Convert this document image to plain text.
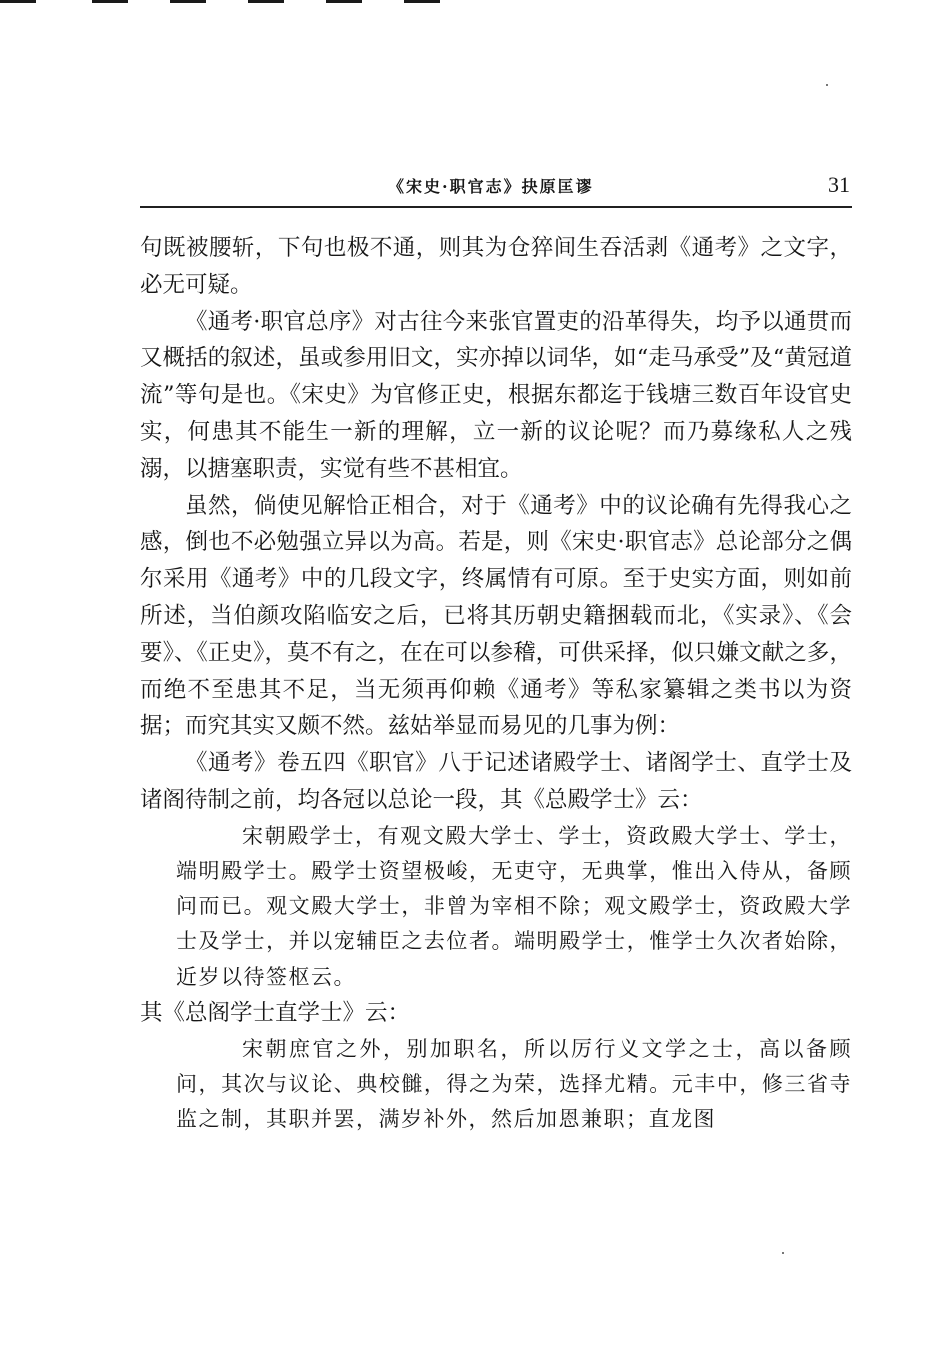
《宋史·职官志》抉原匡谬	31

句既被腰斩，下句也极不通，则其为仓猝间生吞活剥《通考》之文字，必无可疑。

《通考·职官总序》对古往今来张官置吏的沿革得失，均予以通贯而又概括的叙述，虽或参用旧文，实亦掉以词华，如“走马承受”及“黄冠道流”等句是也。《宋史》为官修正史，根据东都迄于钱塘三数百年设官史实，何患其不能生一新的理解，立一新的议论呢？而乃募缘私人之残溺，以搪塞职责，实觉有些不甚相宜。

虽然，倘使见解恰正相合，对于《通考》中的议论确有先得我心之感，倒也不必勉强立异以为高。若是，则《宋史·职官志》总论部分之偶尔采用《通考》中的几段文字，终属情有可原。至于史实方面，则如前所述，当伯颜攻陷临安之后，已将其历朝史籍捆载而北，《实录》、《会要》、《正史》，莫不有之，在在可以参稽，可供采择，似只嫌文献之多，而绝不至患其不足，当无须再仰赖《通考》等私家纂辑之类书以为资据；而究其实又颇不然。兹姑举显而易见的几事为例：

《通考》卷五四《职官》八于记述诸殿学士、诸阁学士、直学士及诸阁待制之前，均各冠以总论一段，其《总殿学士》云：

宋朝殿学士，有观文殿大学士、学士，资政殿大学士、学士，端明殿学士。殿学士资望极峻，无吏守，无典掌，惟出入侍从，备顾问而已。观文殿大学士，非曾为宰相不除；观文殿学士，资政殿大学士及学士，并以宠辅臣之去位者。端明殿学士，惟学士久次者始除，近岁以待签枢云。

其《总阁学士直学士》云：

宋朝庶官之外，别加职名，所以厉行义文学之士，高以备顾问，其次与议论、典校雠，得之为荣，选择尤精。元丰中，修三省寺监之制，其职并罢，满岁补外，然后加恩兼职；直龙图
